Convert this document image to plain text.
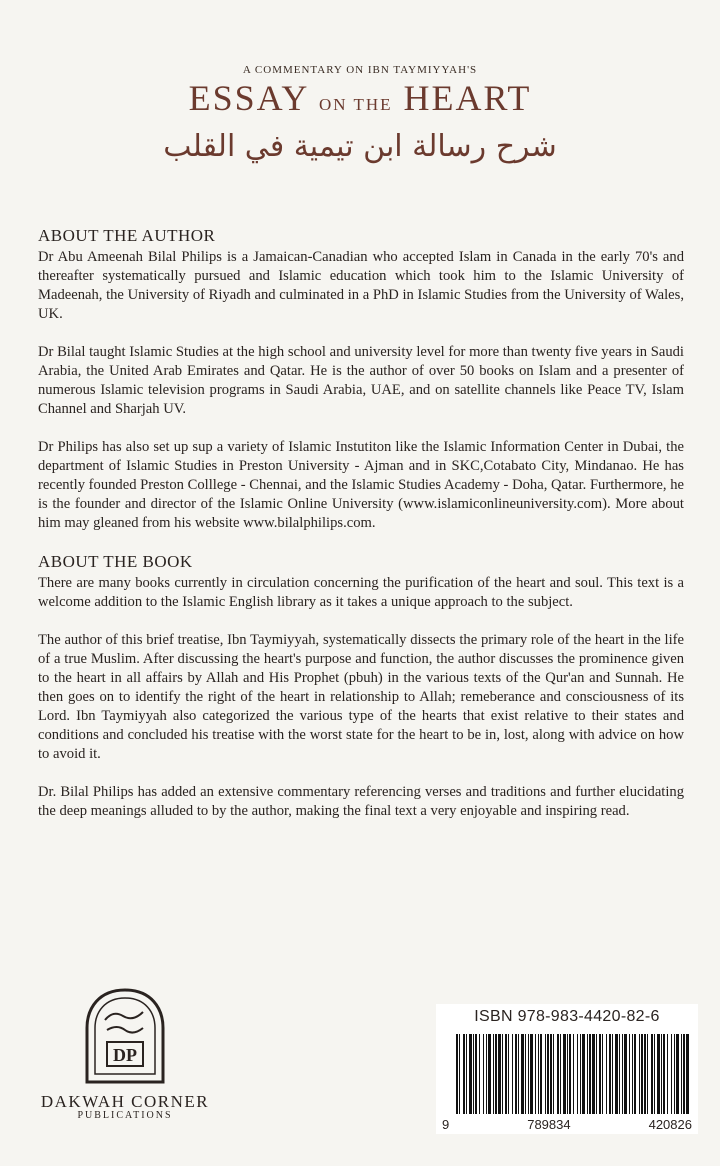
A COMMENTARY ON IBN TAYMIYYAH'S
ESSAY ON THE HEART
شرح رسالة ابن تيمية في القلب
ABOUT THE AUTHOR

Dr Abu Ameenah Bilal Philips is a Jamaican-Canadian who accepted Islam in Canada in the early 70's and thereafter systematically pursued and Islamic education which took him to the Islamic University of Madeenah, the University of Riyadh and culminated in a PhD in Islamic Studies from the University of Wales, UK.

Dr Bilal taught Islamic Studies at the high school and university level for more than twenty five years in Saudi Arabia, the United Arab Emirates and Qatar. He is the author of over 50 books on Islam and a presenter of numerous Islamic television programs in Saudi Arabia, UAE, and on satellite channels like Peace TV, Islam Channel and Sharjah UV.

Dr Philips has also set up sup a variety of Islamic Instutiton like the Islamic Information Center in Dubai, the department of Islamic Studies in Preston University - Ajman and in SKC,Cotabato City, Mindanao. He has recently founded Preston Colllege - Chennai, and the Islamic Studies Academy - Doha, Qatar. Furthermore, he is the founder and director of the Islamic Online University (www.islamiconlineuniversity.com). More about him may gleaned from his website www.bilalphilips.com.

ABOUT THE BOOK

There are many books currently in circulation concerning the purification of the heart and soul. This text is a welcome addition to the Islamic English library as it takes a unique approach to the subject.

The author of this brief treatise, Ibn Taymiyyah, systematically dissects the primary role of the heart in the life of a true Muslim. After discussing the heart's purpose and function, the author discusses the prominence given to the heart in all affairs by Allah and His Prophet (pbuh) in the various texts of the Qur'an and Sunnah. He then goes on to identify the right of the heart in relationship to Allah; remeberance and consciousness of its Lord. Ibn Taymiyyah also categorized the various type of the hearts that exist relative to their states and conditions and concluded his treatise with the worst state for the heart to be in, lost, along with advice on how to avoid it.

Dr. Bilal Philips has added an extensive commentary referencing verses and traditions and further elucidating the deep meanings alluded to by the author, making the final text a very enjoyable and inspiring read.

DP
DAKWAH CORNER
PUBLICATIONS
ISBN 978-983-4420-82-6
9	789834	420826
